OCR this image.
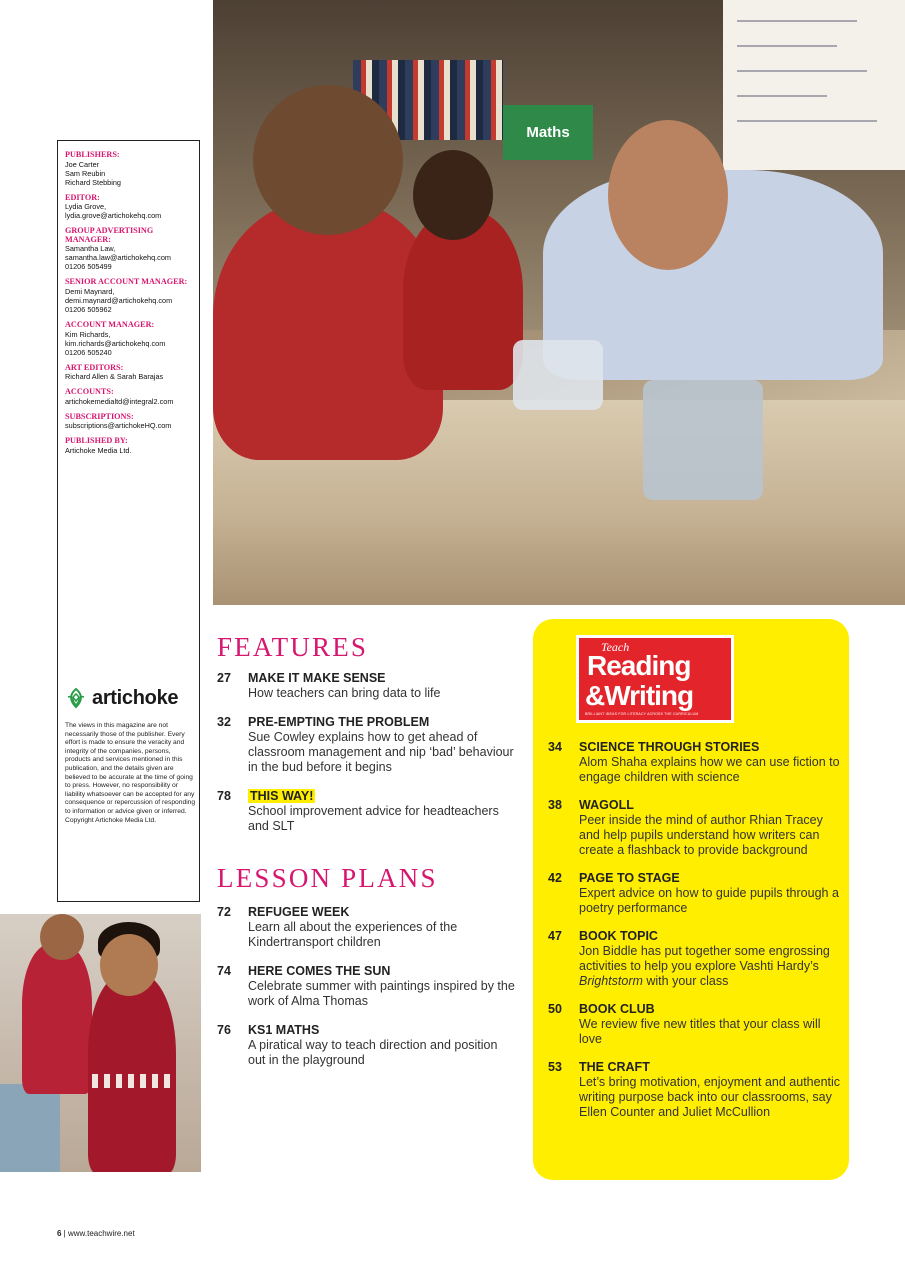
Maths
PUBLISHERS:
Joe Carter
Sam Reubin
Richard Stebbing
EDITOR:
Lydia Grove,
lydia.grove@artichokehq.com
GROUP ADVERTISING MANAGER:
Samantha Law,
samantha.law@artichokehq.com
01206 505499
SENIOR ACCOUNT MANAGER:
Demi Maynard,
demi.maynard@artichokehq.com
01206 505962
ACCOUNT MANAGER:
Kim Richards,
kim.richards@artichokehq.com
01206 505240
ART EDITORS:
Richard Allen & Sarah Barajas
ACCOUNTS:
artichokemedialtd@integral2.com
SUBSCRIPTIONS:
subscriptions@artichokeHQ.com
PUBLISHED BY:
Artichoke Media Ltd.
artichoke
The views in this magazine are not necessarily those of the publisher. Every effort is made to ensure the veracity and integrity of the companies, persons, products and services mentioned in this publication, and the details given are believed to be accurate at the time of going to press. However, no responsibility or liability whatsoever can be accepted for any consequence or repercussion of responding to information or advice given or inferred. Copyright Artichoke Media Ltd.
FEATURES
27	MAKE IT MAKE SENSE
How teachers can bring data to life
32	PRE-EMPTING THE PROBLEM
Sue Cowley explains how to get ahead of classroom management and nip ‘bad’ behaviour in the bud before it begins
78	THIS WAY!
School improvement advice for headteachers and SLT
LESSON PLANS
72	REFUGEE WEEK
Learn all about the experiences of the Kindertransport children
74	HERE COMES THE SUN
Celebrate summer with paintings inspired by the work of Alma Thomas
76	KS1 MATHS
A piratical way to teach direction and position out in the playground
Teach
Reading
&Writing
BRILLIANT IDEAS FOR LITERACY ACROSS THE CURRICULUM
34	SCIENCE THROUGH STORIES
Alom Shaha explains how we can use fiction to engage children with science
38	WAGOLL
Peer inside the mind of author Rhian Tracey and help pupils understand how writers can create a flashback to provide background
42	PAGE TO STAGE
Expert advice on how to guide pupils through a poetry performance
47	BOOK TOPIC
Jon Biddle has put together some engrossing activities to help you explore Vashti Hardy’s Brightstorm with your class
50	BOOK CLUB
We review five new titles that your class will love
53	THE CRAFT
Let’s bring motivation, enjoyment and authentic writing purpose back into our classrooms, say Ellen Counter and Juliet McCullion
6 | www.teachwire.net
